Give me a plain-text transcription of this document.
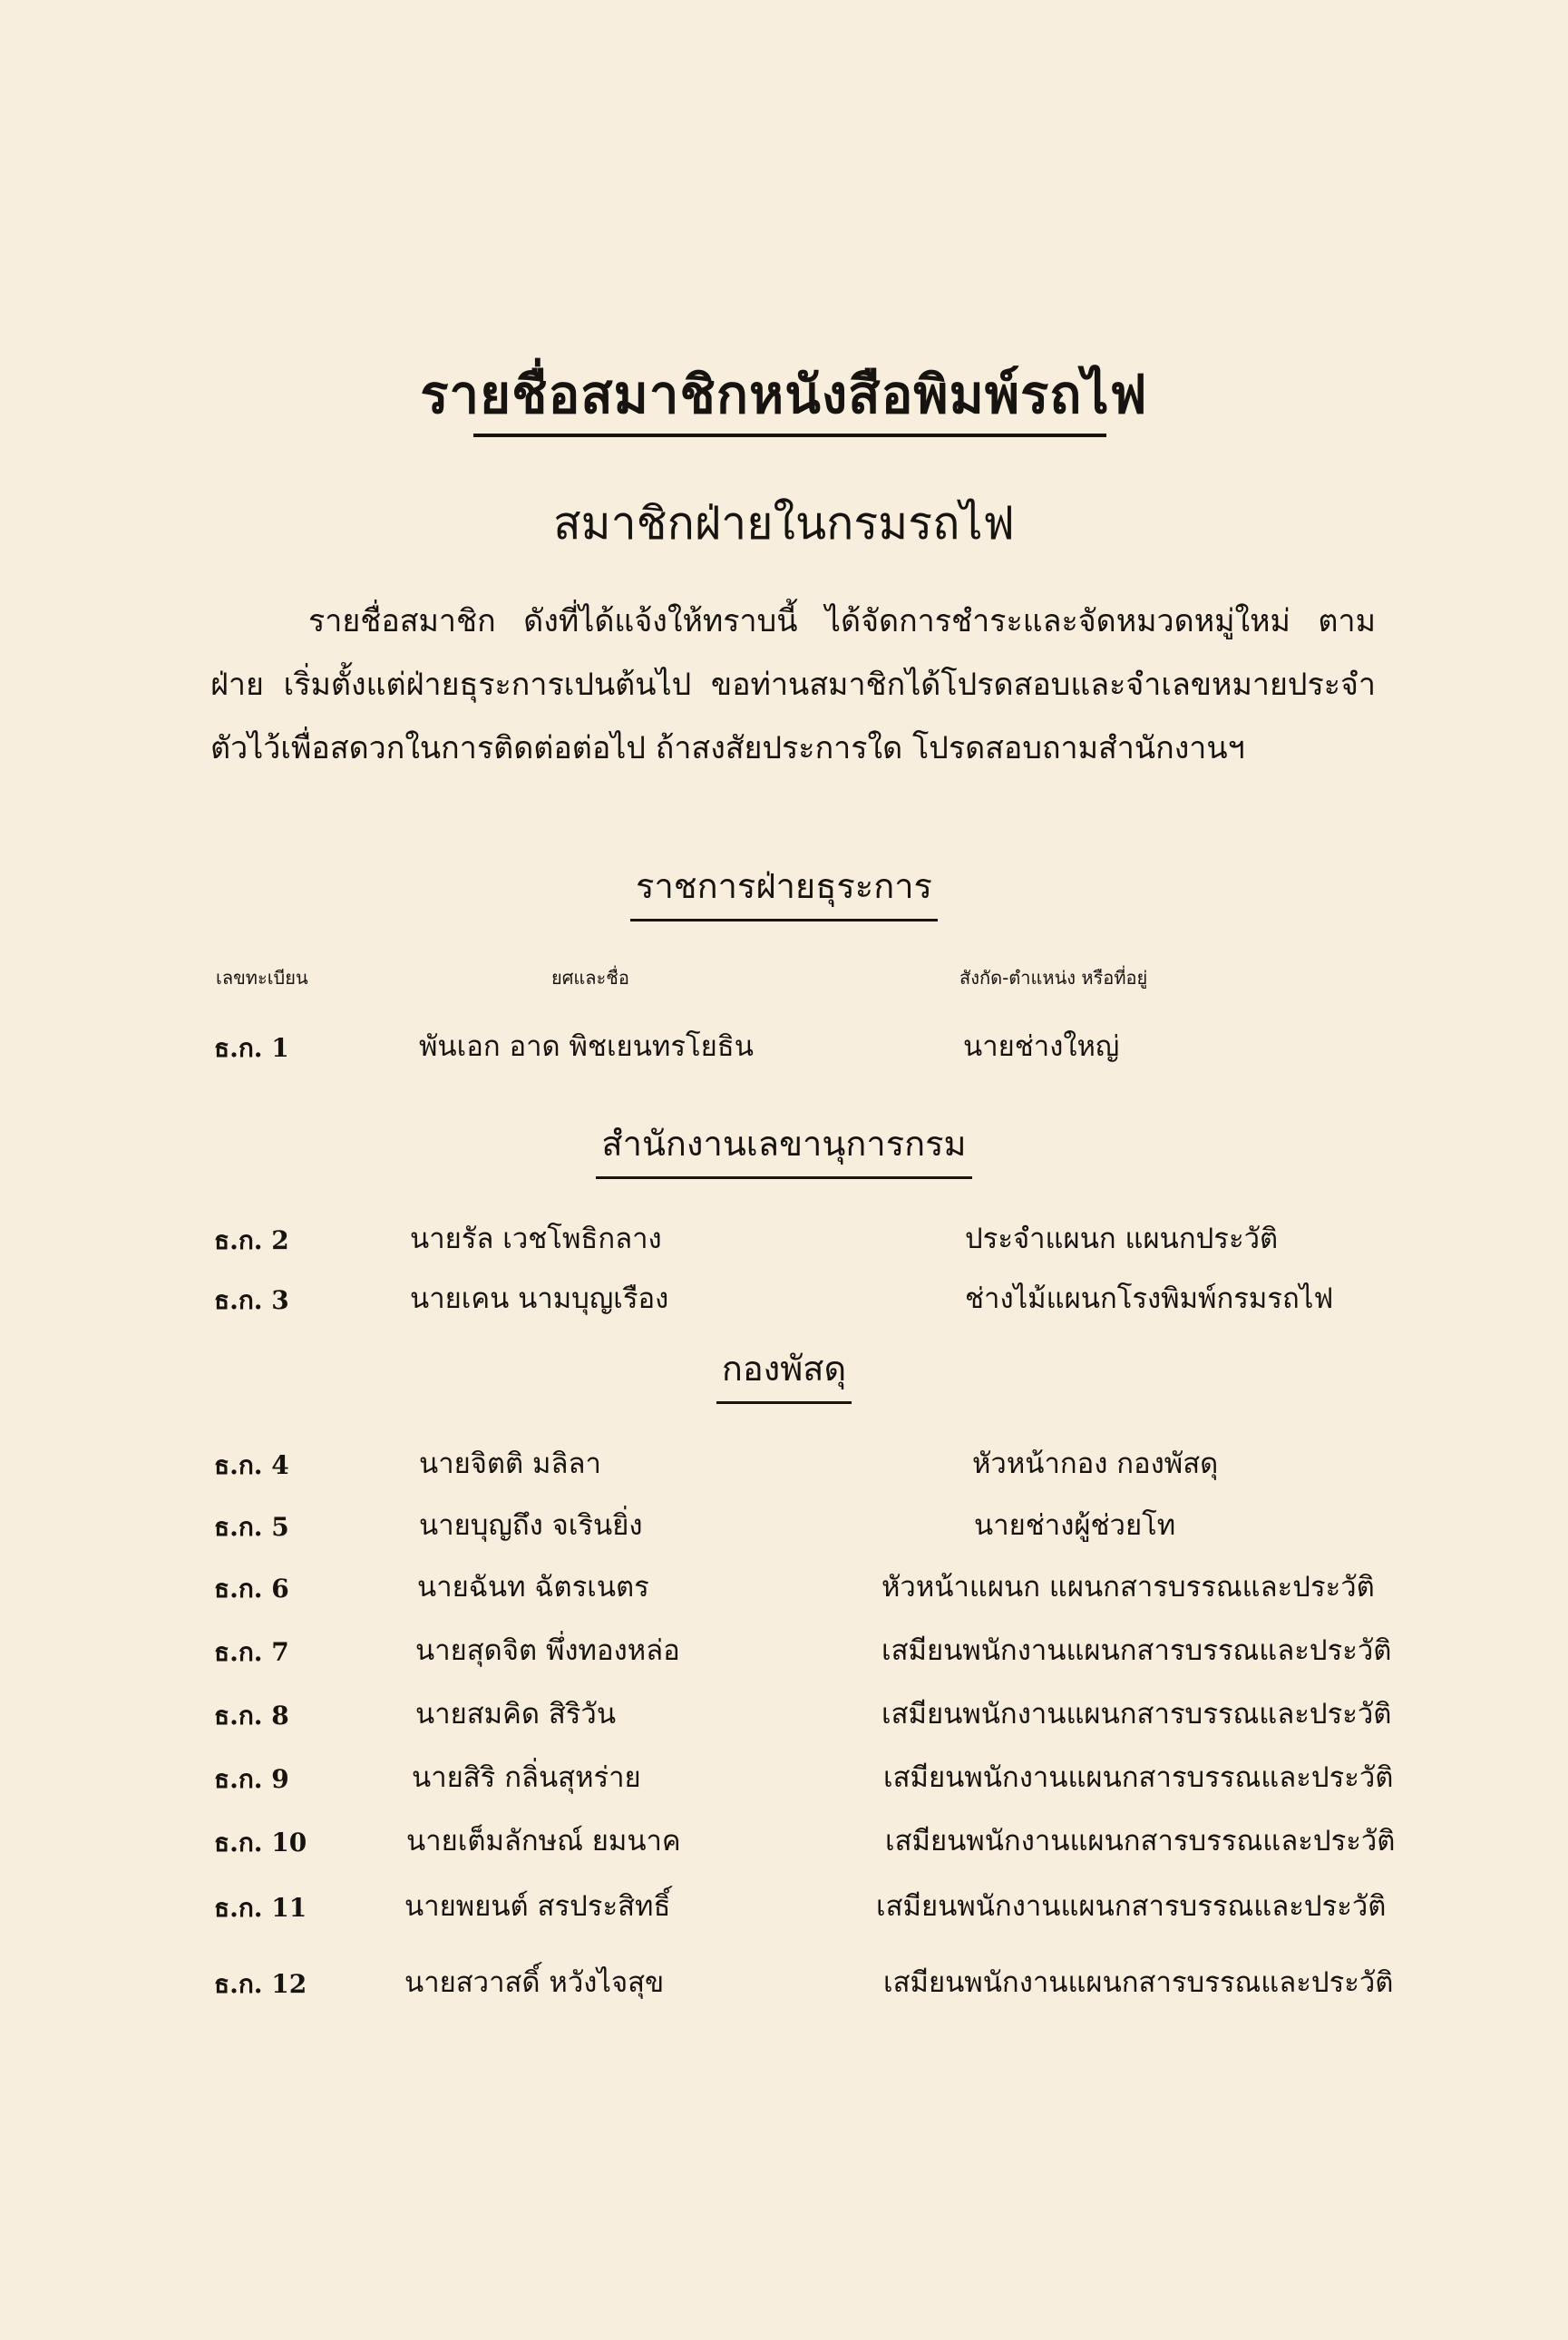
รายชื่อสมาชิกหนังสือพิมพ์รถไฟ
สมาชิกฝ่ายในกรมรถไฟ
รายชื่อสมาชิก ดังที่ได้แจ้งให้ทราบนี้ ได้จัดการชำระและจัดหมวดหมู่ใหม่ ตามฝ่าย เริ่มตั้งแต่ฝ่ายธุระการเปนต้นไป ขอท่านสมาชิกได้โปรดสอบและจำเลขหมายประจำตัวไว้เพื่อสดวกในการติดต่อต่อไป ถ้าสงสัยประการใด โปรดสอบถามสำนักงานฯ
ราชการฝ่ายธุระการ
เลขทะเบียน	ยศและชื่อ	สังกัด-ตำแหน่ง หรือที่อยู่
ธ.ก. 1	พันเอก อาด พิชเยนทรโยธิน	นายช่างใหญ่
สำนักงานเลขานุการกรม
ธ.ก. 2	นายรัล เวชโพธิกลาง	ประจำแผนก แผนกประวัติ
ธ.ก. 3	นายเคน นามบุญเรือง	ช่างไม้แผนกโรงพิมพ์กรมรถไฟ
กองพัสดุ
ธ.ก. 4	นายจิตติ มลิลา	หัวหน้ากอง กองพัสดุ
ธ.ก. 5	นายบุญถึง จเรินยิ่ง	นายช่างผู้ช่วยโท
ธ.ก. 6	นายฉันท ฉัตรเนตร	หัวหน้าแผนก แผนกสารบรรณและประวัติ
ธ.ก. 7	นายสุดจิต พึ่งทองหล่อ	เสมียนพนักงานแผนกสารบรรณและประวัติ
ธ.ก. 8	นายสมคิด สิริวัน	เสมียนพนักงานแผนกสารบรรณและประวัติ
ธ.ก. 9	นายสิริ กลิ่นสุหร่าย	เสมียนพนักงานแผนกสารบรรณและประวัติ
ธ.ก. 10	นายเต็มลักษณ์ ยมนาค	เสมียนพนักงานแผนกสารบรรณและประวัติ
ธ.ก. 11	นายพยนต์ สรประสิทธิ์	เสมียนพนักงานแผนกสารบรรณและประวัติ
ธ.ก. 12	นายสวาสดิ์ หวังไจสุข	เสมียนพนักงานแผนกสารบรรณและประวัติ
